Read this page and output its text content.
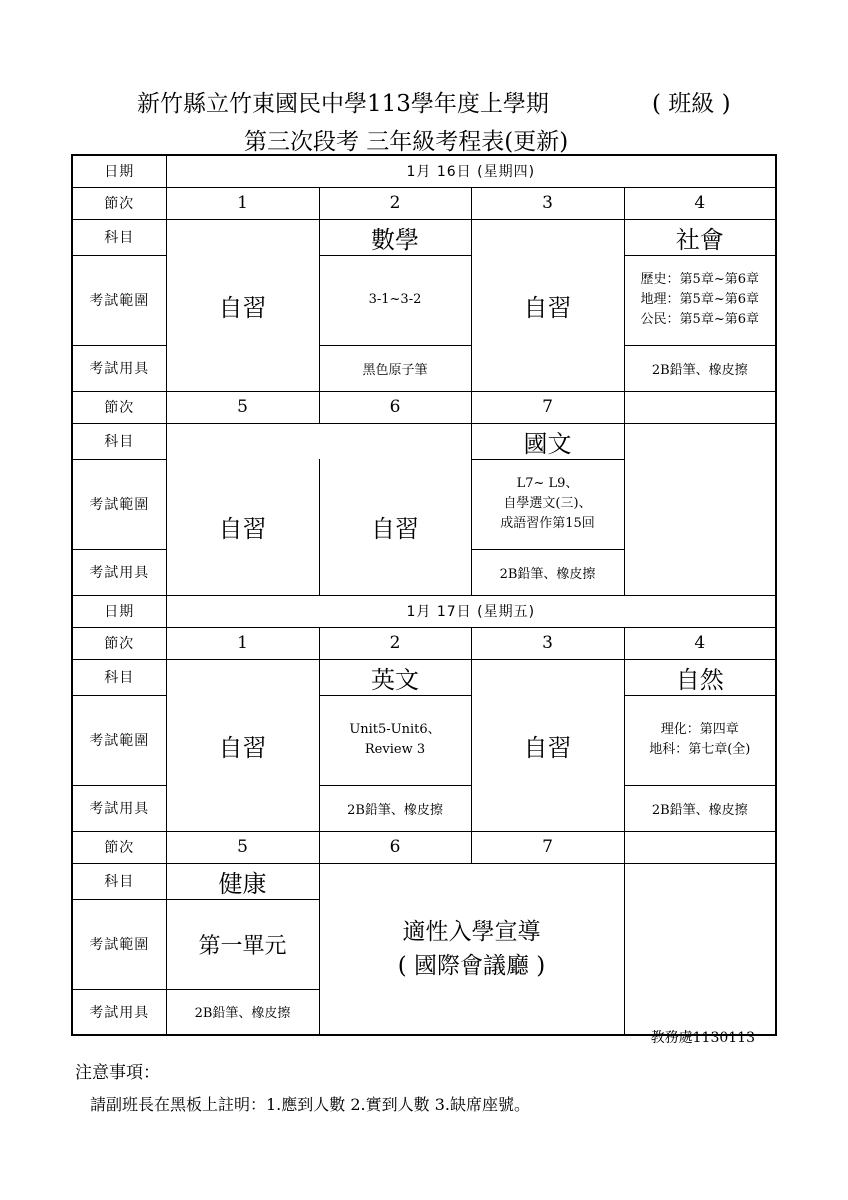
新竹縣立竹東國民中學113學年度上學期	( 班級 )
第三次段考 三年級考程表(更新)
日期	1月 16日 (星期四)			
節次	1	2	3	4
科目	自習	數學	自習	社會
考試範圍		3-1~3-2		歷史：第5章~第6章
地理：第5章~第6章
公民：第5章~第6章

考試用具		黑色原子筆		2B鉛筆、橡皮擦
節次	5	6	7	
科目			國文	
考試範圍	自習	自習	L7~ L9、
自學選文(三)、
成語習作第15回	

考試用具			2B鉛筆、橡皮擦	
日期	1月 17日 (星期五)			
節次	1	2	3	4
科目	自習	英文	自習	自然
考試範圍		Unit5-Unit6、
Review 3		理化：第四章
地科：第七章(全)

考試用具		2B鉛筆、橡皮擦		2B鉛筆、橡皮擦
節次	5	6	7	
科目	健康	適性入學宣導
( 國際會議廳 )		

考試範圍	第一單元			
考試用具	2B鉛筆、橡皮擦			
教務處1130113
注意事項：
請副班長在黑板上註明：1.應到人數 2.實到人數 3.缺席座號。
